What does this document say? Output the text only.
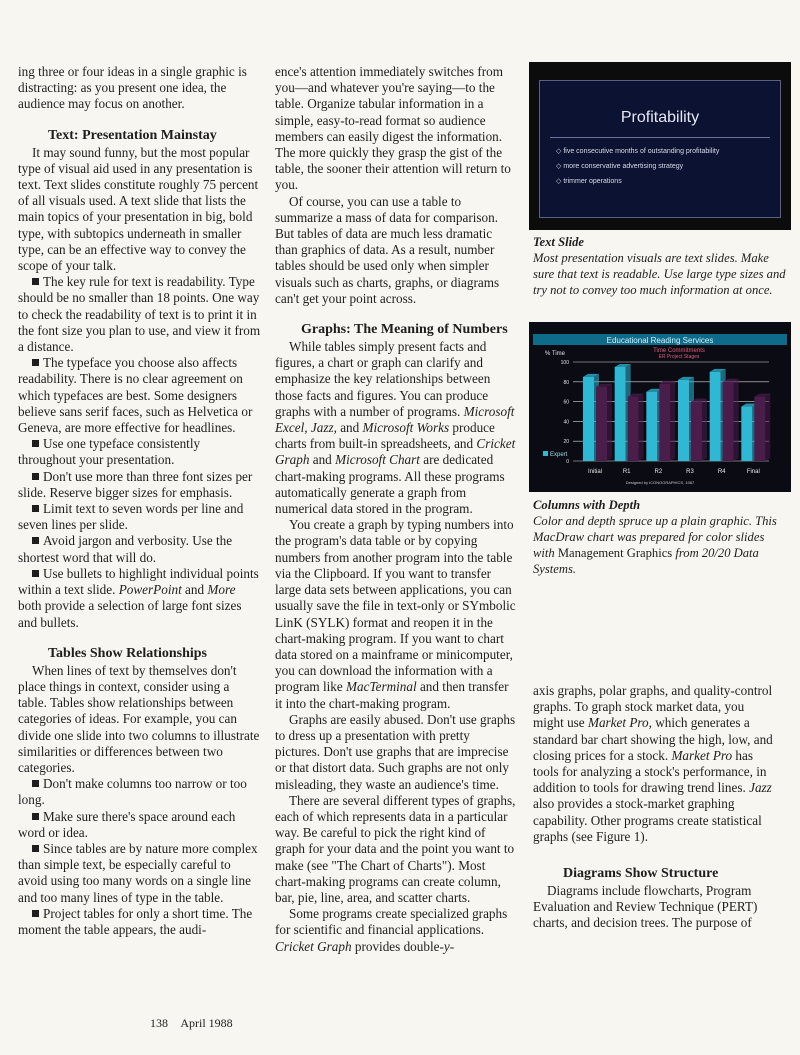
ing three or four ideas in a single graphic is distracting: as you present one idea, the audience may focus on another.

Text: Presentation Mainstay

It may sound funny, but the most popular type of visual aid used in any presentation is text. Text slides constitute roughly 75 percent of all visuals used. A text slide that lists the main topics of your presentation in big, bold type, with subtopics underneath in smaller type, can be an effective way to convey the scope of your talk.

The key rule for text is readability. Type should be no smaller than 18 points. One way to check the readability of text is to print it in the font size you plan to use, and view it from a distance.

The typeface you choose also affects readability. There is no clear agreement on which typefaces are best. Some designers believe sans serif faces, such as Helvetica or Geneva, are more effective for headlines.

Use one typeface consistently throughout your presentation.

Don't use more than three font sizes per slide. Reserve bigger sizes for emphasis.

Limit text to seven words per line and seven lines per slide.

Avoid jargon and verbosity. Use the shortest word that will do.

Use bullets to highlight individual points within a text slide. PowerPoint and More both provide a selection of large font sizes and bullets.

Tables Show Relationships

When lines of text by themselves don't place things in context, consider using a table. Tables show relationships between categories of ideas. For example, you can divide one slide into two columns to illustrate similarities or differences between two categories.

Don't make columns too narrow or too long.

Make sure there's space around each word or idea.

Since tables are by nature more complex than simple text, be especially careful to avoid using too many words on a single line and too many lines of type in the table.

Project tables for only a short time. The moment the table appears, the audi-

ence's attention immediately switches from you—and whatever you're saying—to the table. Organize tabular information in a simple, easy-to-read format so audience members can easily digest the information. The more quickly they grasp the gist of the table, the sooner their attention will return to you.

Of course, you can use a table to summarize a mass of data for comparison. But tables of data are much less dramatic than graphics of data. As a result, number tables should be used only when simpler visuals such as charts, graphs, or diagrams can't get your point across.

Graphs: The Meaning of Numbers

While tables simply present facts and figures, a chart or graph can clarify and emphasize the key relationships between those facts and figures. You can produce graphs with a number of programs. Microsoft Excel, Jazz, and Microsoft Works produce charts from built-in spreadsheets, and Cricket Graph and Microsoft Chart are dedicated chart-making programs. All these programs automatically generate a graph from numerical data stored in the program.

You create a graph by typing numbers into the program's data table or by copying numbers from another program into the table via the Clipboard. If you want to transfer large data sets between applications, you can usually save the file in text-only or SYmbolic LinK (SYLK) format and reopen it in the chart-making program. If you want to chart data stored on a mainframe or minicomputer, you can download the information with a program like MacTerminal and then transfer it into the chart-making program.

Graphs are easily abused. Don't use graphs to dress up a presentation with pretty pictures. Don't use graphs that are imprecise or that distort data. Such graphs are not only misleading, they waste an audience's time.

There are several different types of graphs, each of which represents data in a particular way. Be careful to pick the right kind of graph for your data and the point you want to make (see "The Chart of Charts"). Most chart-making programs can create column, bar, pie, line, area, and scatter charts.

Some programs create specialized graphs for scientific and financial applications. Cricket Graph provides double-y-

Profitability
◇ five consecutive months of outstanding profitability
◇ more conservative advertising strategy
◇ trimmer operations
Text Slide
Most presentation visuals are text slides. Make sure that text is readable. Use large type sizes and try not to convey too much information at once.
Educational Reading Services
% Time	Time Commitments
ER Project Stages
0
20
40
60
80
100
Initial	R1	R2	R3	R4	Final
Expert
Designed by ICONOGRAPHICS, 1987
Columns with Depth
Color and depth spruce up a plain graphic. This MacDraw chart was prepared for color slides with Management Graphics from 20/20 Data Systems.

axis graphs, polar graphs, and quality-control graphs. To graph stock market data, you might use Market Pro, which generates a standard bar chart showing the high, low, and closing prices for a stock. Market Pro has tools for analyzing a stock's performance, in addition to tools for drawing trend lines. Jazz also provides a stock-market graphing capability. Other programs create statistical graphs (see Figure 1).

Diagrams Show Structure

Diagrams include flowcharts, Program Evaluation and Review Technique (PERT) charts, and decision trees. The purpose of

138 April 1988
